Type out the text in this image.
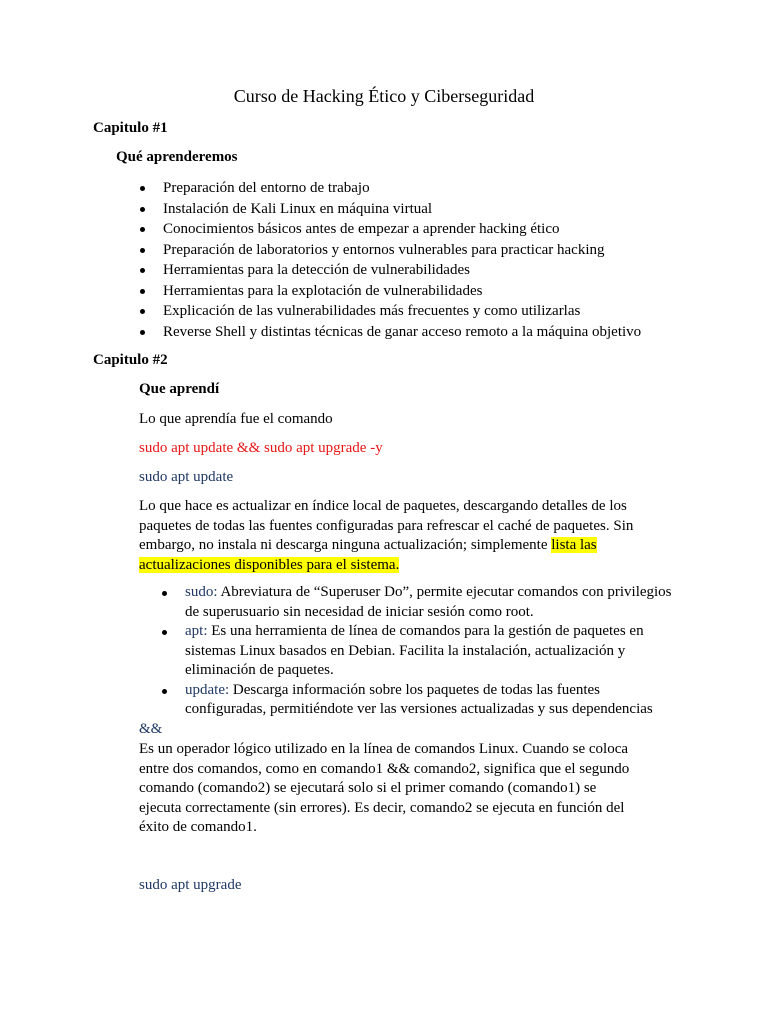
Curso de Hacking Ético y Ciberseguridad
Capitulo #1
Qué aprenderemos
Preparación del entorno de trabajo
Instalación de Kali Linux en máquina virtual
Conocimientos básicos antes de empezar a aprender hacking ético
Preparación de laboratorios y entornos vulnerables para practicar hacking
Herramientas para la detección de vulnerabilidades
Herramientas para la explotación de vulnerabilidades
Explicación de las vulnerabilidades más frecuentes y como utilizarlas
Reverse Shell y distintas técnicas de ganar acceso remoto a la máquina objetivo
Capitulo #2
Que aprendí
Lo que aprendía fue el comando
sudo apt update && sudo apt upgrade -y
sudo apt update
Lo que hace es actualizar en índice local de paquetes, descargando detalles de los paquetes de todas las fuentes configuradas para refrescar el caché de paquetes. Sin embargo, no instala ni descarga ninguna actualización; simplemente lista las actualizaciones disponibles para el sistema.
sudo: Abreviatura de “Superuser Do”, permite ejecutar comandos con privilegios de superusuario sin necesidad de iniciar sesión como root.
apt: Es una herramienta de línea de comandos para la gestión de paquetes en sistemas Linux basados en Debian. Facilita la instalación, actualización y eliminación de paquetes.
update: Descarga información sobre los paquetes de todas las fuentes configuradas, permitiéndote ver las versiones actualizadas y sus dependencias
&&
Es un operador lógico utilizado en la línea de comandos Linux. Cuando se coloca entre dos comandos, como en comando1 && comando2, significa que el segundo comando (comando2) se ejecutará solo si el primer comando (comando1) se ejecuta correctamente (sin errores). Es decir, comando2 se ejecuta en función del éxito de comando1.
sudo apt upgrade
